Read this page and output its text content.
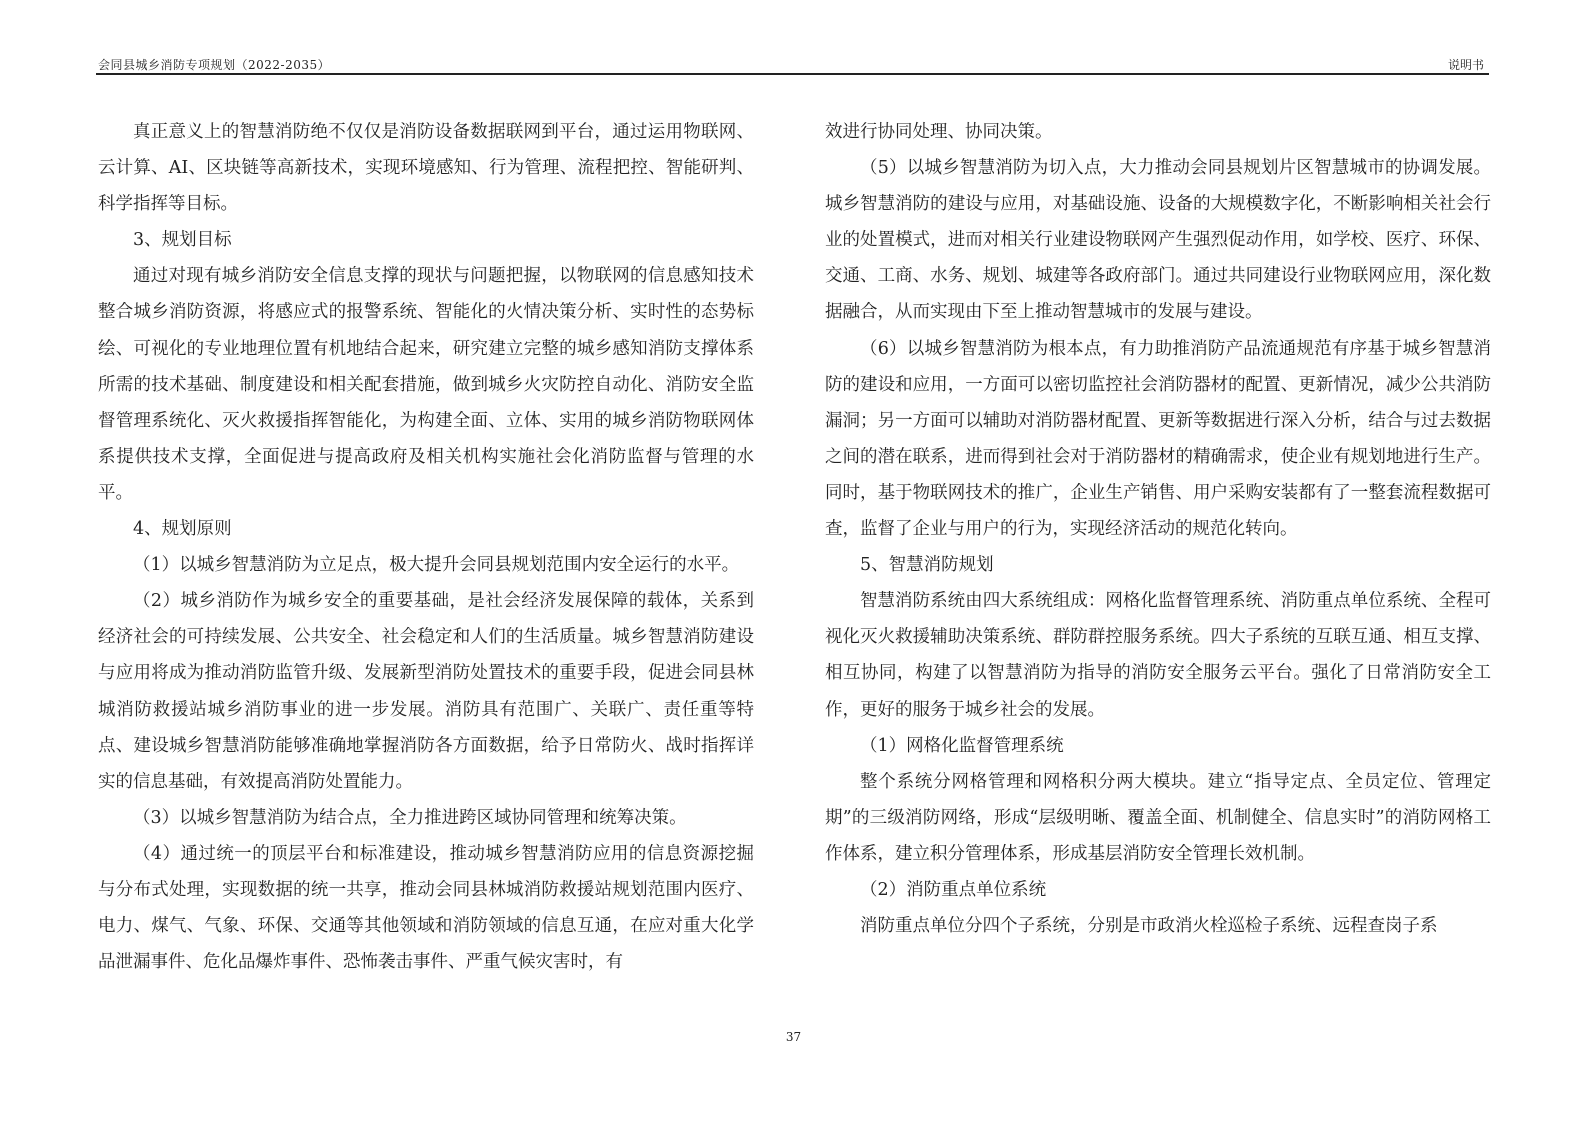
会同县城乡消防专项规划（2022-2035）	说明书

真正意义上的智慧消防绝不仅仅是消防设备数据联网到平台，通过运用物联网、云计算、AI、区块链等高新技术，实现环境感知、行为管理、流程把控、智能研判、科学指挥等目标。

3、规划目标

通过对现有城乡消防安全信息支撑的现状与问题把握，以物联网的信息感知技术整合城乡消防资源，将感应式的报警系统、智能化的火情决策分析、实时性的态势标绘、可视化的专业地理位置有机地结合起来，研究建立完整的城乡感知消防支撑体系所需的技术基础、制度建设和相关配套措施，做到城乡火灾防控自动化、消防安全监督管理系统化、灭火救援指挥智能化，为构建全面、立体、实用的城乡消防物联网体系提供技术支撑，全面促进与提高政府及相关机构实施社会化消防监督与管理的水平。

4、规划原则

（1）以城乡智慧消防为立足点，极大提升会同县规划范围内安全运行的水平。

（2）城乡消防作为城乡安全的重要基础，是社会经济发展保障的载体，关系到经济社会的可持续发展、公共安全、社会稳定和人们的生活质量。城乡智慧消防建设与应用将成为推动消防监管升级、发展新型消防处置技术的重要手段，促进会同县林城消防救援站城乡消防事业的进一步发展。消防具有范围广、关联广、责任重等特点、建设城乡智慧消防能够准确地掌握消防各方面数据，给予日常防火、战时指挥详实的信息基础，有效提高消防处置能力。

（3）以城乡智慧消防为结合点，全力推进跨区域协同管理和统筹决策。

（4）通过统一的顶层平台和标准建设，推动城乡智慧消防应用的信息资源挖掘与分布式处理，实现数据的统一共享，推动会同县林城消防救援站规划范围内医疗、电力、煤气、气象、环保、交通等其他领域和消防领域的信息互通，在应对重大化学品泄漏事件、危化品爆炸事件、恐怖袭击事件、严重气候灾害时，有

效进行协同处理、协同决策。

（5）以城乡智慧消防为切入点，大力推动会同县规划片区智慧城市的协调发展。城乡智慧消防的建设与应用，对基础设施、设备的大规模数字化，不断影响相关社会行业的处置模式，进而对相关行业建设物联网产生强烈促动作用，如学校、医疗、环保、交通、工商、水务、规划、城建等各政府部门。通过共同建设行业物联网应用，深化数据融合，从而实现由下至上推动智慧城市的发展与建设。

（6）以城乡智慧消防为根本点，有力助推消防产品流通规范有序基于城乡智慧消防的建设和应用，一方面可以密切监控社会消防器材的配置、更新情况，减少公共消防漏洞；另一方面可以辅助对消防器材配置、更新等数据进行深入分析，结合与过去数据之间的潜在联系，进而得到社会对于消防器材的精确需求，使企业有规划地进行生产。同时，基于物联网技术的推广，企业生产销售、用户采购安装都有了一整套流程数据可查，监督了企业与用户的行为，实现经济活动的规范化转向。

5、智慧消防规划

智慧消防系统由四大系统组成：网格化监督管理系统、消防重点单位系统、全程可视化灭火救援辅助决策系统、群防群控服务系统。四大子系统的互联互通、相互支撑、相互协同，构建了以智慧消防为指导的消防安全服务云平台。强化了日常消防安全工作，更好的服务于城乡社会的发展。

（1）网格化监督管理系统

整个系统分网格管理和网格积分两大模块。建立“指导定点、全员定位、管理定期”的三级消防网络，形成“层级明晰、覆盖全面、机制健全、信息实时”的消防网格工作体系，建立积分管理体系，形成基层消防安全管理长效机制。

（2）消防重点单位系统

消防重点单位分四个子系统，分别是市政消火栓巡检子系统、远程查岗子系

37
